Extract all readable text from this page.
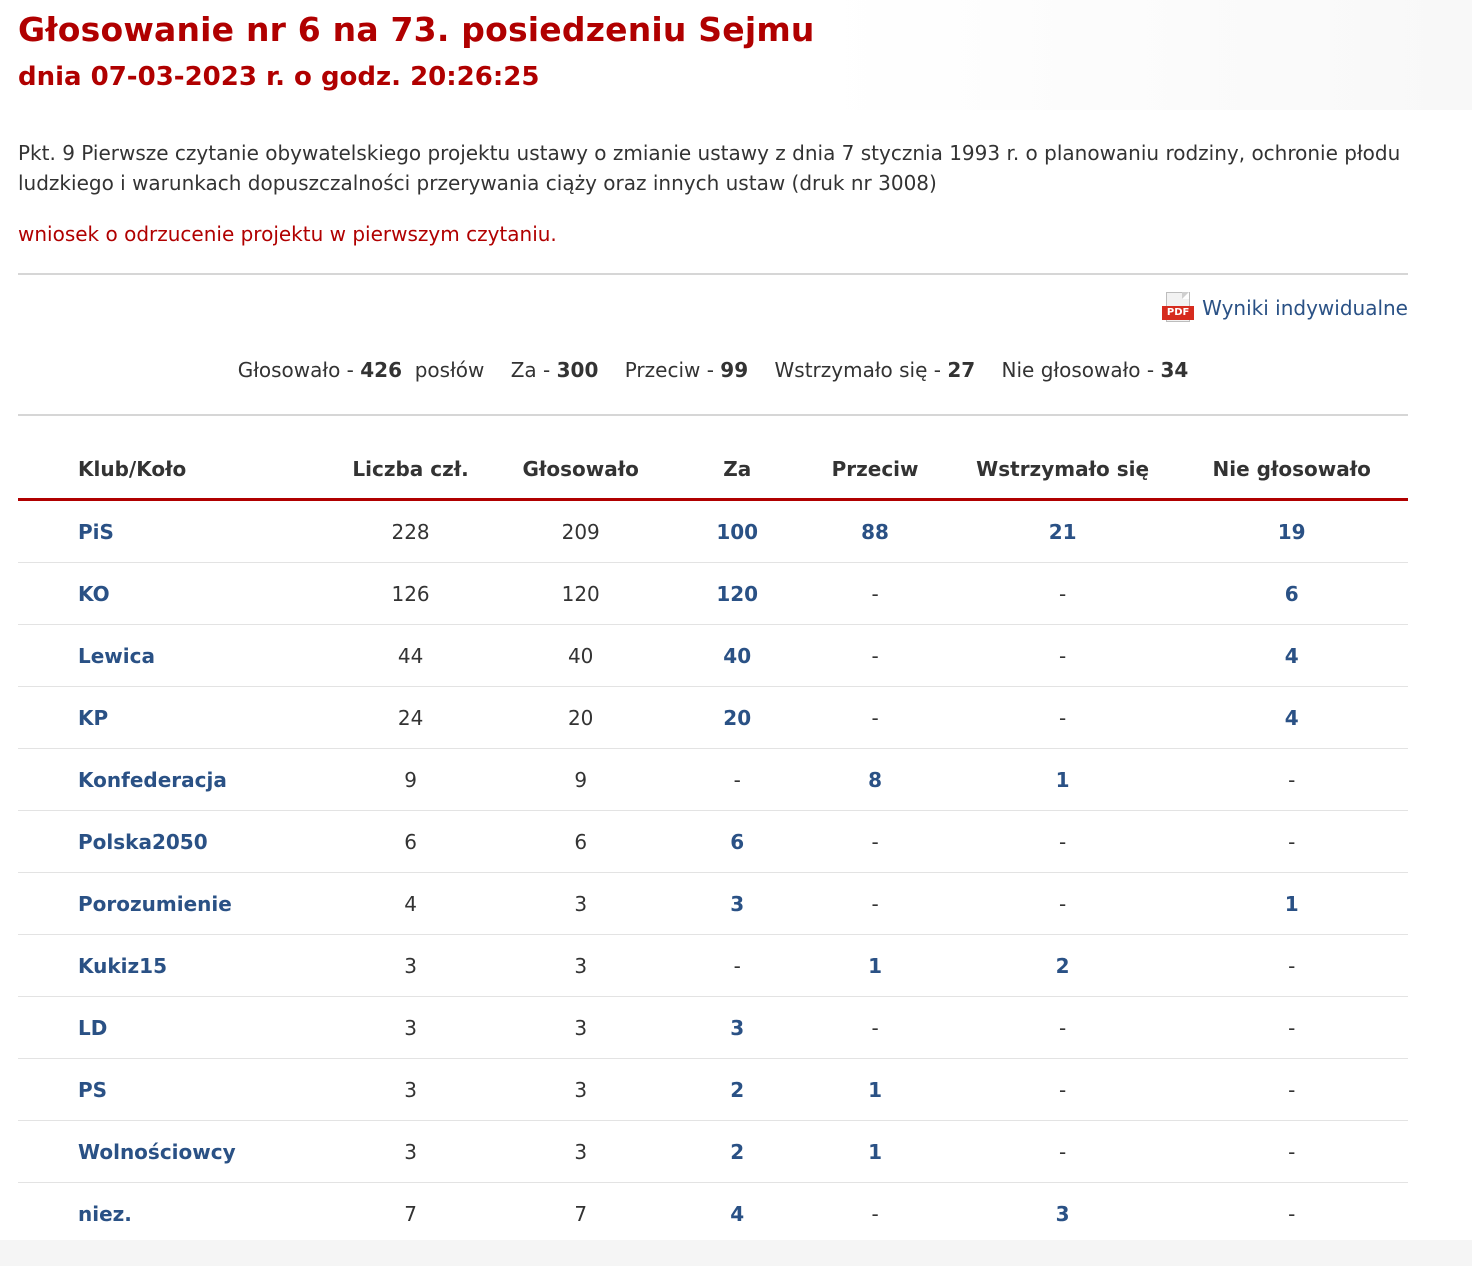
Głosowanie nr 6 na 73. posiedzeniu Sejmu
dnia 07-03-2023 r. o godz. 20:26:25
Pkt. 9 Pierwsze czytanie obywatelskiego projektu ustawy o zmianie ustawy z dnia 7 stycznia 1993 r. o planowaniu rodziny, ochronie płodu ludzkiego i warunkach dopuszczalności przerywania ciąży oraz innych ustaw (druk nr 3008)
wniosek o odrzucenie projektu w pierwszym czytaniu.
PDF Wyniki indywidualne
Głosowało - 426 posłów Za - 300 Przeciw - 99 Wstrzymało się - 27 Nie głosowało - 34
Klub/Koło	Liczba czł.	Głosowało	Za	Przeciw	Wstrzymało się	Nie głosowało
PiS	228	209	100	88	21	19
KO	126	120	120	-	-	6
Lewica	44	40	40	-	-	4
KP	24	20	20	-	-	4
Konfederacja	9	9	-	8	1	-
Polska2050	6	6	6	-	-	-
Porozumienie	4	3	3	-	-	1
Kukiz15	3	3	-	1	2	-
LD	3	3	3	-	-	-
PS	3	3	2	1	-	-
Wolnościowcy	3	3	2	1	-	-
niez.	7	7	4	-	3	-
